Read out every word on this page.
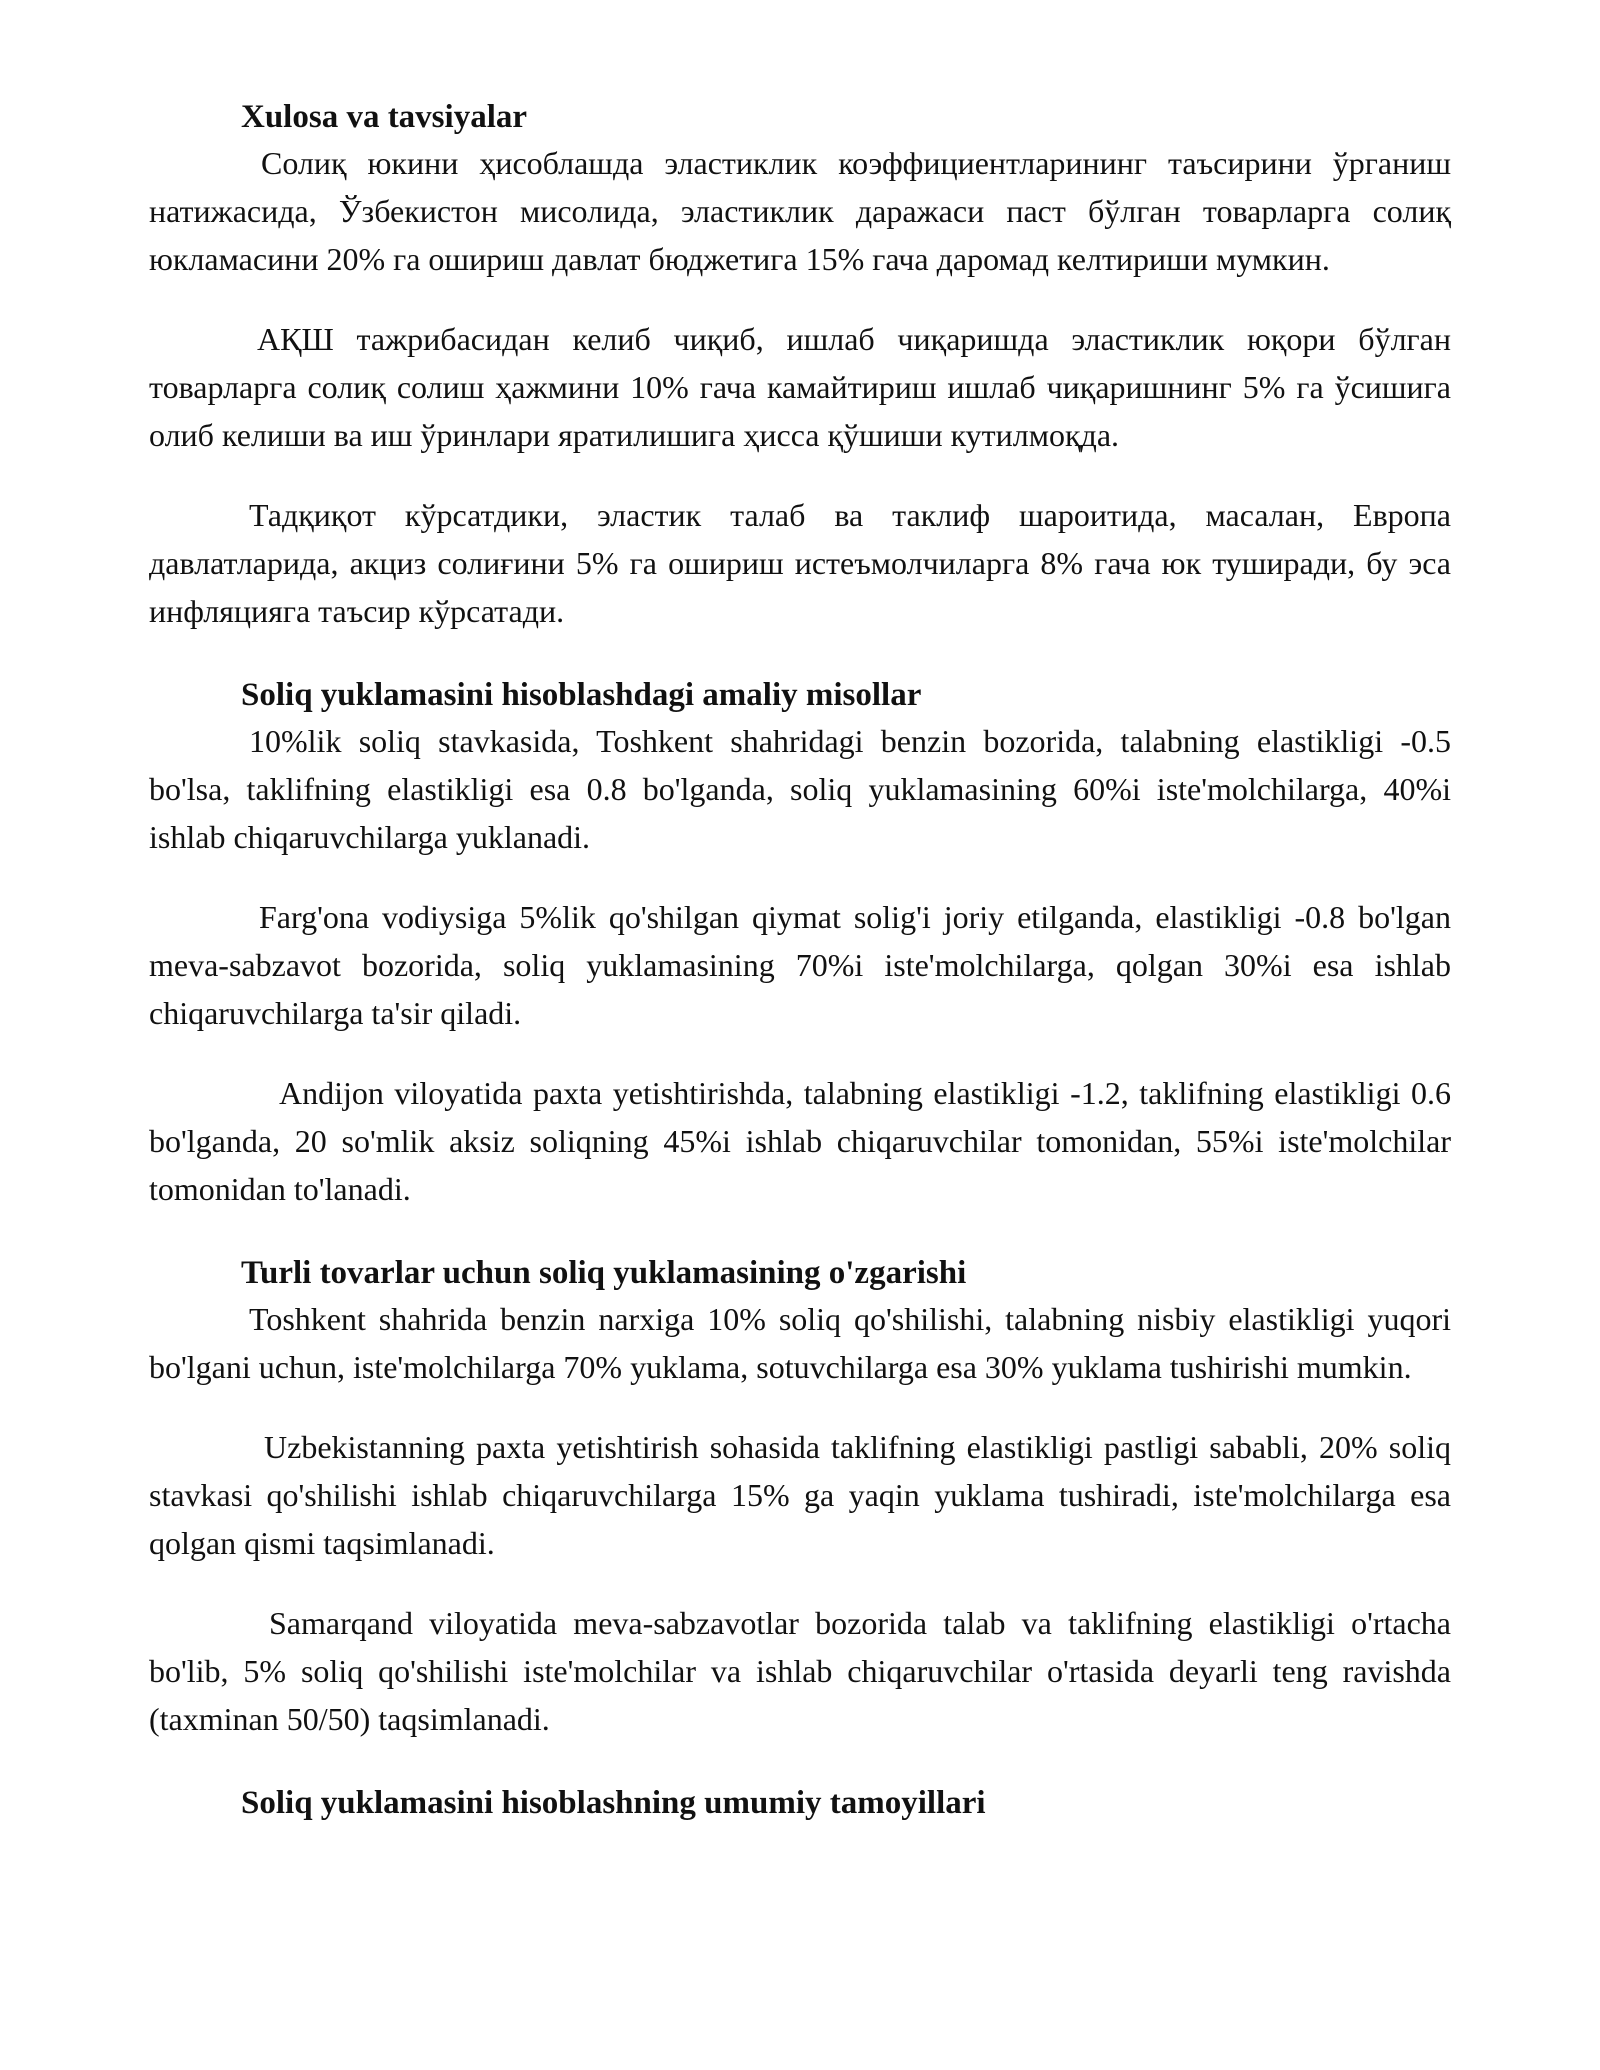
Xulosa va tavsiyalar

Солиқ юкини ҳисоблашда эластиклик коэффициентларининг таъсирини ўрганиш натижасида, Ўзбекистон мисолида, эластиклик даражаси паст бўлган товарларга солиқ юкламасини 20% га ошириш давлат бюджетига 15% гача даромад келтириши мумкин.

АҚШ тажрибасидан келиб чиқиб, ишлаб чиқаришда эластиклик юқори бўлган товарларга солиқ солиш ҳажмини 10% гача камайтириш ишлаб чиқаришнинг 5% га ўсишига олиб келиши ва иш ўринлари яратилишига ҳисса қўшиши кутилмоқда.

Тадқиқот кўрсатдики, эластик талаб ва таклиф шароитида, масалан, Европа давлатларида, акциз солиғини 5% га ошириш истеъмолчиларга 8% гача юк туширади, бу эса инфляцияга таъсир кўрсатади.

Soliq yuklamasini hisoblashdagi amaliy misollar

10%lik soliq stavkasida, Toshkent shahridagi benzin bozorida, talabning elastikligi -0.5 bo'lsa, taklifning elastikligi esa 0.8 bo'lganda, soliq yuklamasining 60%i iste'molchilarga, 40%i ishlab chiqaruvchilarga yuklanadi.

Farg'ona vodiysiga 5%lik qo'shilgan qiymat solig'i joriy etilganda, elastikligi -0.8 bo'lgan meva-sabzavot bozorida, soliq yuklamasining 70%i iste'molchilarga, qolgan 30%i esa ishlab chiqaruvchilarga ta'sir qiladi.

Andijon viloyatida paxta yetishtirishda, talabning elastikligi -1.2, taklifning elastikligi 0.6 bo'lganda, 20 so'mlik aksiz soliqning 45%i ishlab chiqaruvchilar tomonidan, 55%i iste'molchilar tomonidan to'lanadi.

Turli tovarlar uchun soliq yuklamasining o'zgarishi

Toshkent shahrida benzin narxiga 10% soliq qo'shilishi, talabning nisbiy elastikligi yuqori bo'lgani uchun, iste'molchilarga 70% yuklama, sotuvchilarga esa 30% yuklama tushirishi mumkin.

Uzbekistanning paxta yetishtirish sohasida taklifning elastikligi pastligi sababli, 20% soliq stavkasi qo'shilishi ishlab chiqaruvchilarga 15% ga yaqin yuklama tushiradi, iste'molchilarga esa qolgan qismi taqsimlanadi.

Samarqand viloyatida meva-sabzavotlar bozorida talab va taklifning elastikligi o'rtacha bo'lib, 5% soliq qo'shilishi iste'molchilar va ishlab chiqaruvchilar o'rtasida deyarli teng ravishda (taxminan 50/50) taqsimlanadi.

Soliq yuklamasini hisoblashning umumiy tamoyillari
